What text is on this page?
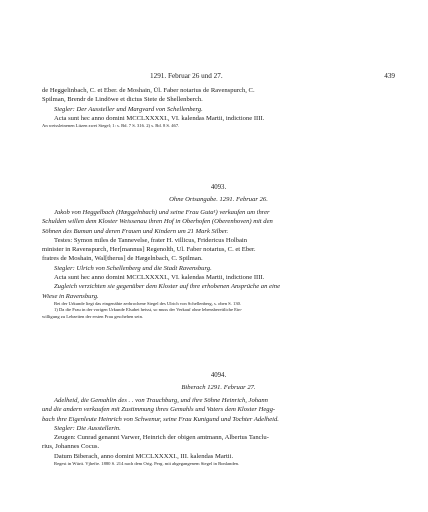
1291. Februar 26 und 27.	439

de Heggelinbach, C. et Eber. de Moshain, Ül. Faber notarius de Ravenspurch, C.

Spilman, Brendr de Lindöwe et dictus Stete de Shellenberch.

Siegler: Der Aussteller und Margvard von Schellenberg.

Acta sunt hec anno domini MCCLXXXXI., VI. kalendas Martii, indictione IIII.

An weissleinenen Litzen zwei Siegel; 1: s. Bd. 7 S. 316. 2) s. Bd. 8 S. 467.

4093.
Ohne Ortsangabe. 1291. Februar 26.

Jakob von Heggelbach (Hœggelnbach) und seine Frau Guta¹) verkaufen um ihrer

Schulden willen dem Kloster Weissenau ihren Hof in Oberhofen (Oberenhoven) mit den

Söhnen des Buman und deren Frauen und Kindern um 21 Mark Silber.

Testes: Symon miles de Tannevelse, frater H. villicus, Fridericus Holbain

minister in Ravenspurch, Her[mannus] Regenolth, Ul. Faber notarius, C. et Eber.

fratres de Moshain, Wal[therus] de Hægelnbach, C. Spilman.

Siegler: Ulrich von Schellenberg und die Stadt Ravensburg.

Acta sunt hec anno domini MCCLXXXXI., VI. kalendas Martii, indictione IIII.

Zugleich verzichten sie gegenüber dem Kloster auf ihre erhobenen Ansprüche an eine

Wiese in Ravensburg.

Bei der Urkunde liegt das eingenähte zerbrochene Siegel des Ulrich von Schellenberg, s. oben S. 130.

1) Da die Frau in der vorigen Urkunde Elsabet heisst, so muss der Verkauf ohne lebensbereitliche Ein-

willigung zu Lebzeiten der ersten Frau geschehen sein.

4094.
Biberach 1291. Februar 27.

Adelheid, die Gemahlin des . . von Trauchburg, und ihre Söhne Heinrich, Johann

und die andern verkaufen mit Zustimmung ihres Gemahls und Vaters dem Kloster Hegg-

bach ihre Eigenleute Heinrich von Schwenur, seine Frau Kunigund und Tochter Adelheid.

Siegler: Die Ausstellerin.

Zeugen: Cunrad genannt Varwer, Heinrich der obigen amtmann, Albertus Tanclu-

rius, Johannes Cocus.

Datum Biberach, anno domini MCCLXXXXI., III. kalendas Martii.

Regest in Württ. Vjhefte. 1880 S. 214 nach dem Orig. Perg. mit abgegangenem Siegel in Bonlanden.
